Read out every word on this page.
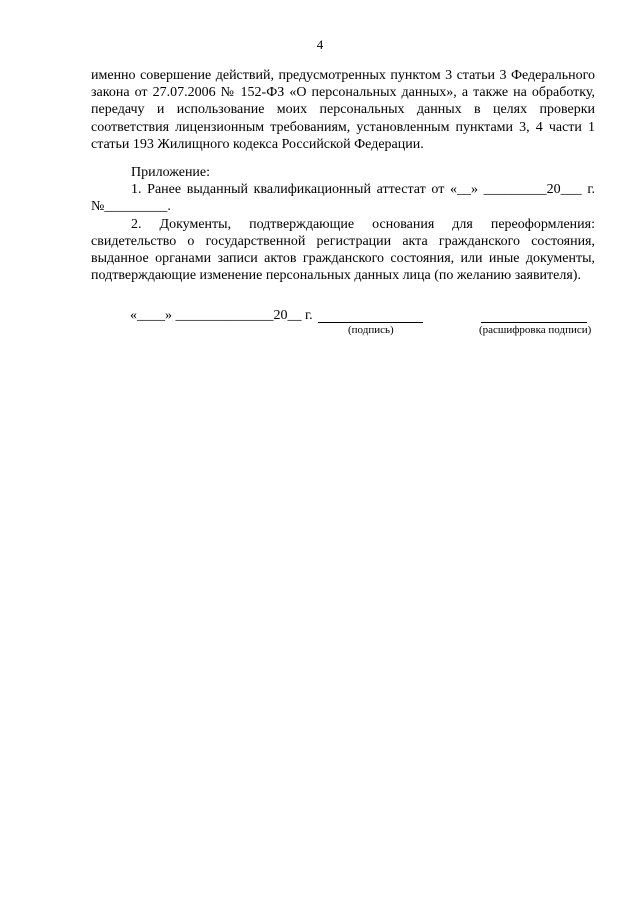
4

именно совершение действий, предусмотренных пунктом 3 статьи 3 Федерального закона от 27.07.2006 № 152-ФЗ «О персональных данных», а также на обработку, передачу и использование моих персональных данных в целях проверки соответствия лицензионным требованиям, установленным пунктами 3, 4 части 1 статьи 193 Жилищного кодекса Российской Федерации.

Приложение:

1. Ранее выданный квалификационный аттестат от «__» _________20___ г. №_________.

2. Документы, подтверждающие основания для переоформления: свидетельство о государственной регистрации акта гражданского состояния, выданное органами записи актов гражданского состояния, или иные документы, подтверждающие изменение персональных данных лица (по желанию заявителя).

«____» ______________20__ г.
(подпись)	(расшифровка подписи)
